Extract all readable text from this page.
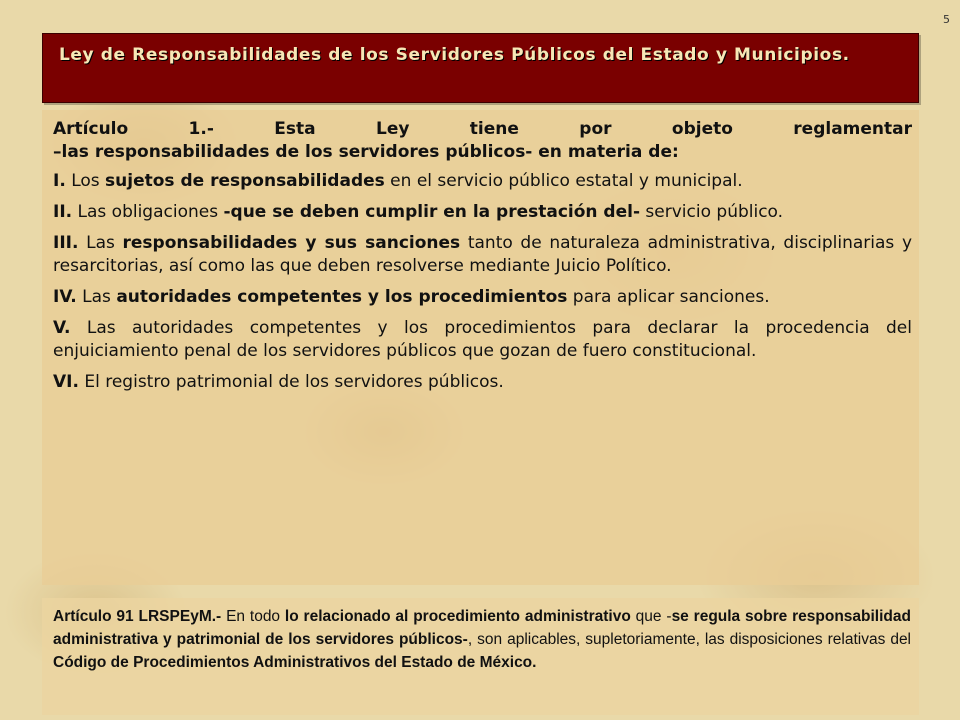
5
Ley de Responsabilidades de los Servidores Públicos del Estado y Municipios.

Artículo 1.- Esta Ley tiene por objeto reglamentar
–las responsabilidades de los servidores públicos- en materia de:

I. Los sujetos de responsabilidades en el servicio público estatal y municipal.

II. Las obligaciones -que se deben cumplir en la prestación del- servicio público.

III. Las responsabilidades y sus sanciones tanto de naturaleza administrativa, disciplinarias y resarcitorias, así como las que deben resolverse mediante Juicio Político.

IV. Las autoridades competentes y los procedimientos para aplicar sanciones.

V. Las autoridades competentes y los procedimientos para declarar la procedencia del enjuiciamiento penal de los servidores públicos que gozan de fuero constitucional.

VI. El registro patrimonial de los servidores públicos.

Artículo 91 LRSPEyM.- En todo lo relacionado al procedimiento administrativo que -se regula sobre responsabilidad administrativa y patrimonial de los servidores públicos-, son aplicables, supletoriamente, las disposiciones relativas del Código de Procedimientos Administrativos del Estado de México.
